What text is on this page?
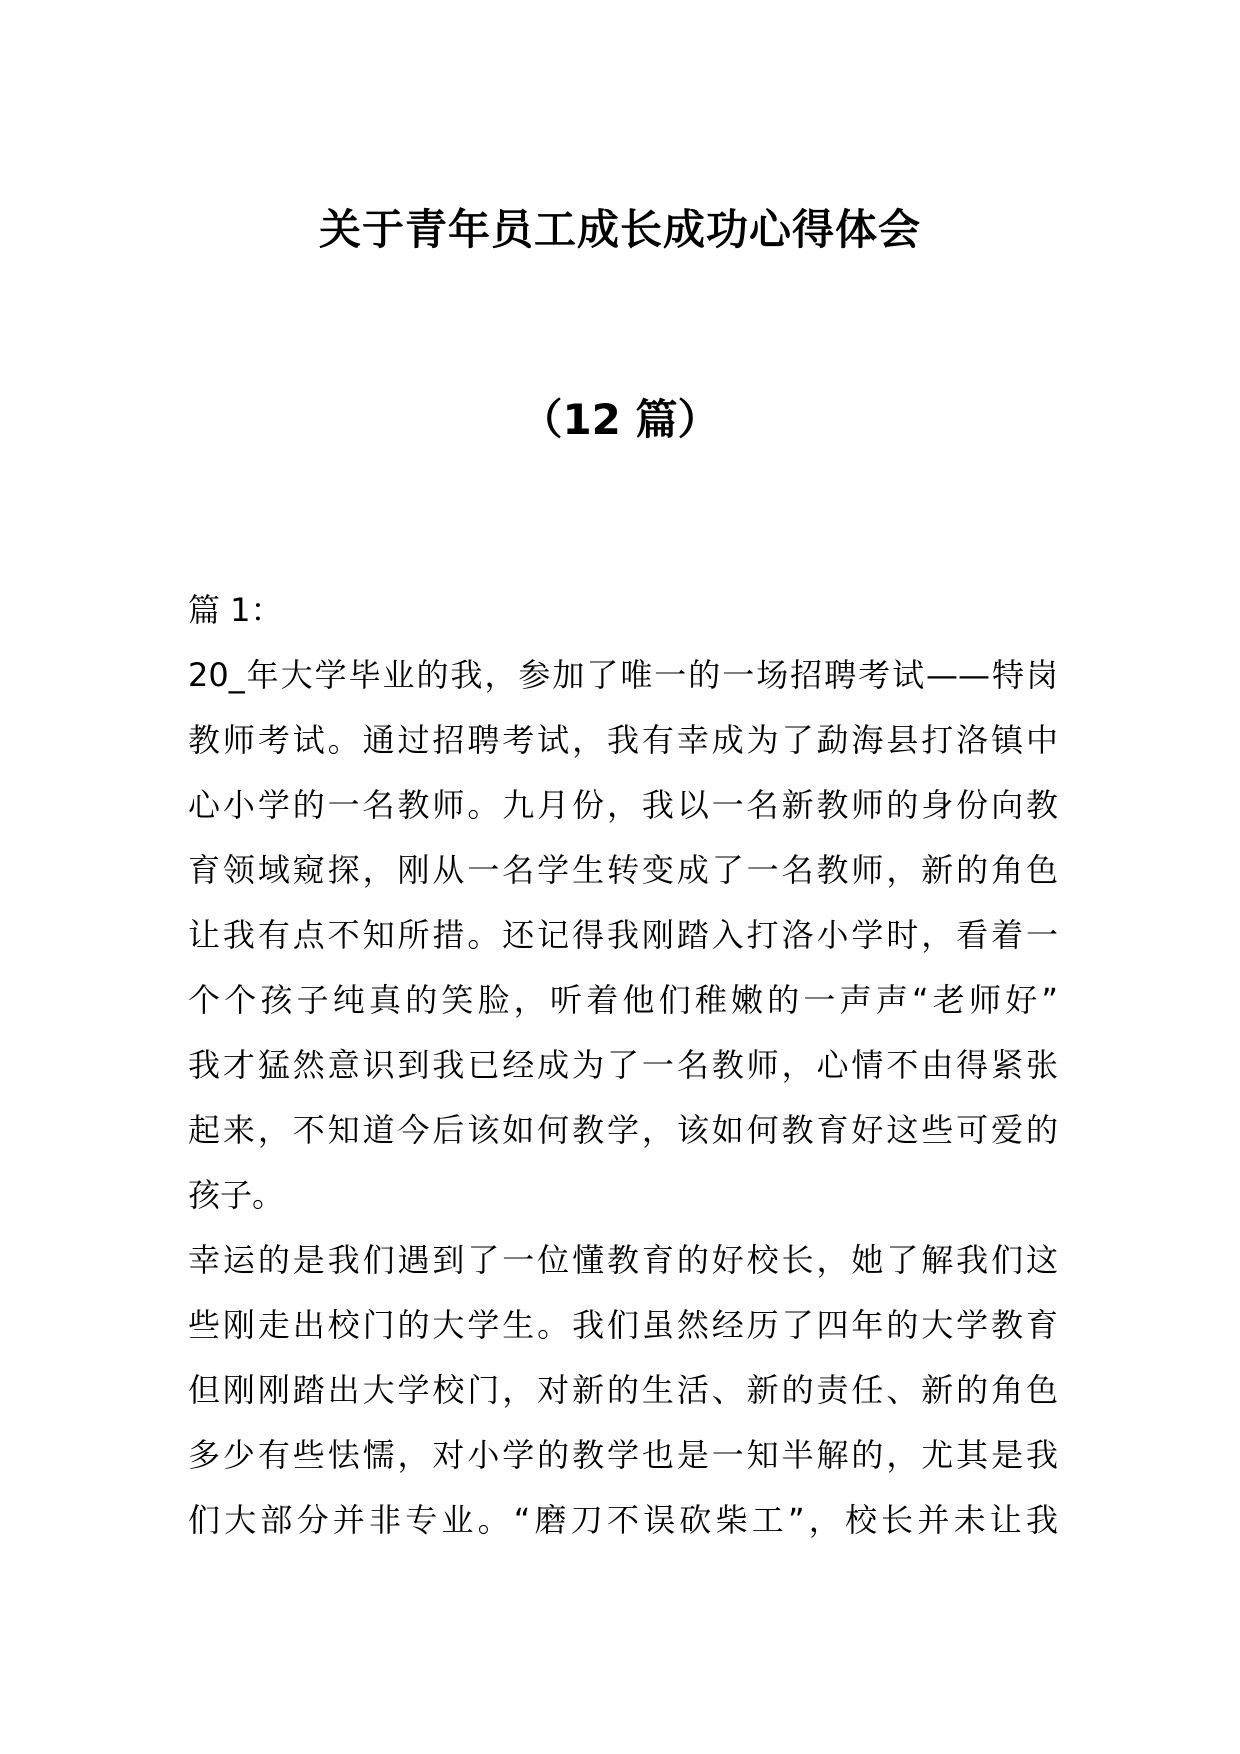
关于青年员工成长成功心得体会
（12 篇）
篇 1：
20_年大学毕业的我，参加了唯一的一场招聘考试——特岗
教师考试。通过招聘考试，我有幸成为了勐海县打洛镇中
心小学的一名教师。九月份，我以一名新教师的身份向教
育领域窥探，刚从一名学生转变成了一名教师，新的角色
让我有点不知所措。还记得我刚踏入打洛小学时，看着一
个个孩子纯真的笑脸，听着他们稚嫩的一声声“老师好”
我才猛然意识到我已经成为了一名教师，心情不由得紧张
起来，不知道今后该如何教学，该如何教育好这些可爱的
孩子。
幸运的是我们遇到了一位懂教育的好校长，她了解我们这
些刚走出校门的大学生。我们虽然经历了四年的大学教育
但刚刚踏出大学校门，对新的生活、新的责任、新的角色
多少有些怯懦，对小学的教学也是一知半解的，尤其是我
们大部分并非专业。“磨刀不误砍柴工”，校长并未让我
